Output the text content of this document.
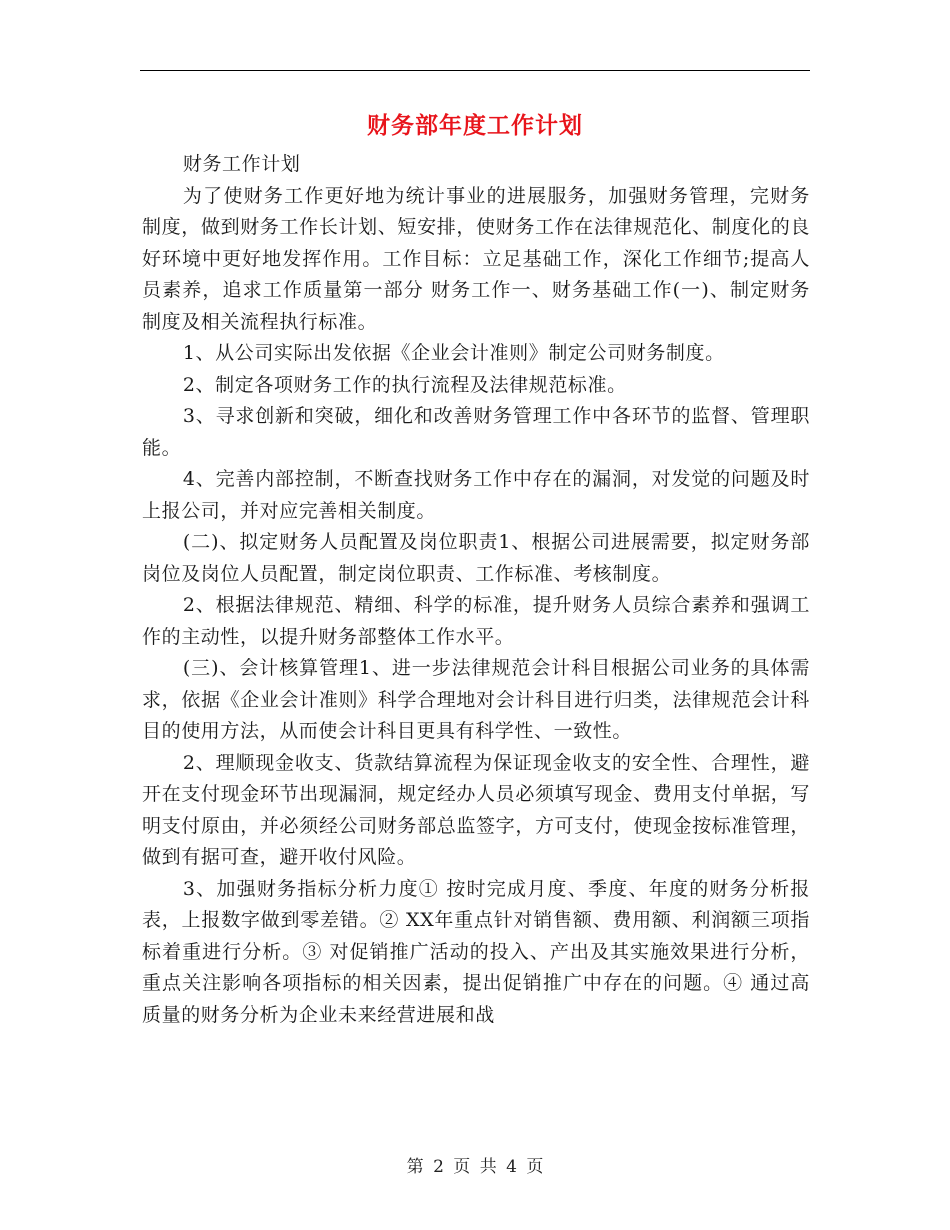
财务部年度工作计划

财务工作计划

为了使财务工作更好地为统计事业的进展服务，加强财务管理，完财务制度，做到财务工作长计划、短安排，使财务工作在法律规范化、制度化的良好环境中更好地发挥作用。工作目标：立足基础工作，深化工作细节;提高人员素养，追求工作质量第一部分 财务工作一、财务基础工作(一)、制定财务制度及相关流程执行标准。

1、从公司实际出发依据《企业会计准则》制定公司财务制度。

2、制定各项财务工作的执行流程及法律规范标准。

3、寻求创新和突破，细化和改善财务管理工作中各环节的监督、管理职能。

4、完善内部控制，不断查找财务工作中存在的漏洞，对发觉的问题及时上报公司，并对应完善相关制度。

(二)、拟定财务人员配置及岗位职责1、根据公司进展需要，拟定财务部岗位及岗位人员配置，制定岗位职责、工作标准、考核制度。

2、根据法律规范、精细、科学的标准，提升财务人员综合素养和强调工作的主动性，以提升财务部整体工作水平。

(三)、会计核算管理1、进一步法律规范会计科目根据公司业务的具体需求，依据《企业会计准则》科学合理地对会计科目进行归类，法律规范会计科目的使用方法，从而使会计科目更具有科学性、一致性。

2、理顺现金收支、货款结算流程为保证现金收支的安全性、合理性，避开在支付现金环节出现漏洞，规定经办人员必须填写现金、费用支付单据，写明支付原由，并必须经公司财务部总监签字，方可支付，使现金按标准管理，做到有据可查，避开收付风险。

3、加强财务指标分析力度① 按时完成月度、季度、年度的财务分析报表，上报数字做到零差错。② XX年重点针对销售额、费用额、利润额三项指标着重进行分析。③ 对促销推广活动的投入、产出及其实施效果进行分析，重点关注影响各项指标的相关因素，提出促销推广中存在的问题。④ 通过高质量的财务分析为企业未来经营进展和战

第 2 页 共 4 页
